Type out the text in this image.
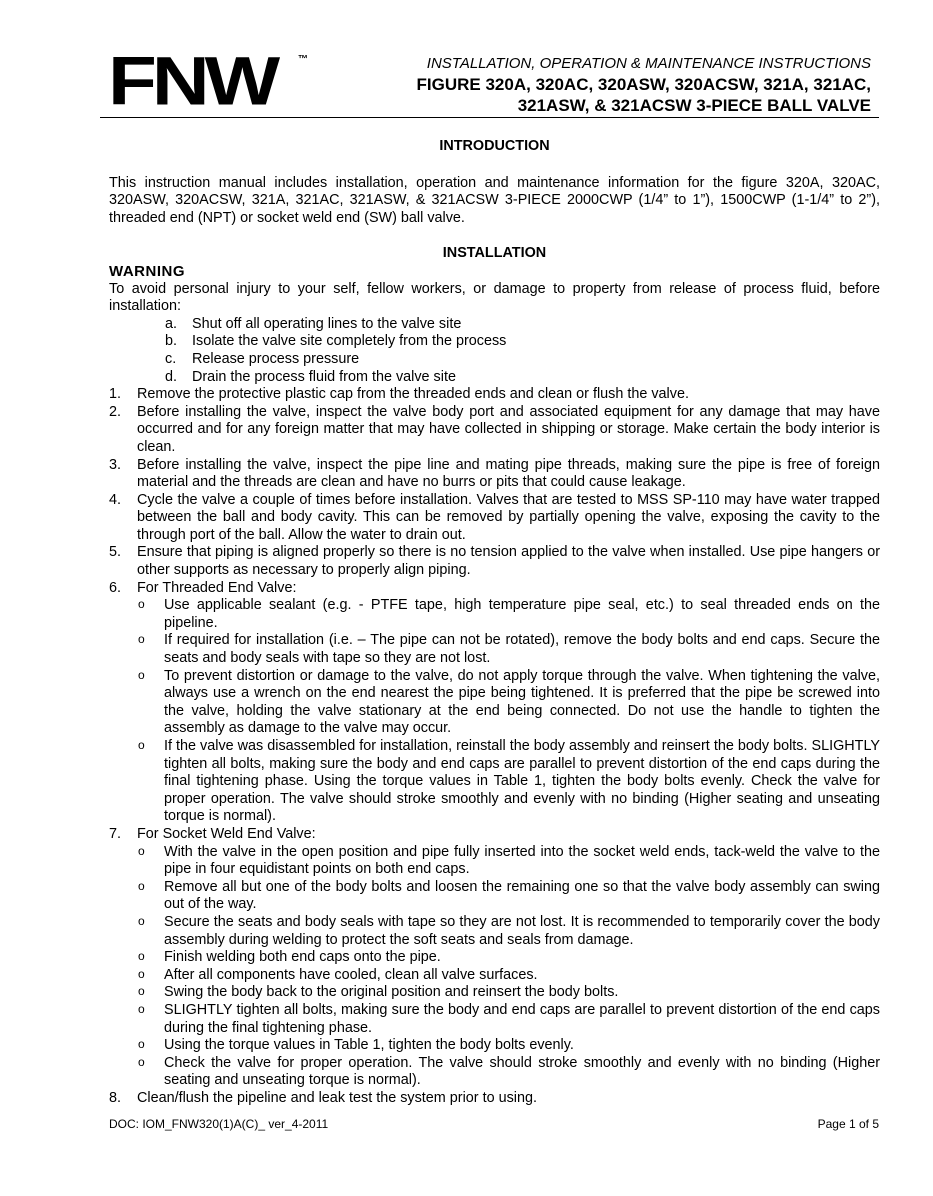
FNW ™	INSTALLATION, OPERATION & MAINTENANCE INSTRUCTIONS
FIGURE 320A, 320AC, 320ASW, 320ACSW, 321A, 321AC,
321ASW, & 321ACSW 3-PIECE BALL VALVE
INTRODUCTION

This instruction manual includes installation, operation and maintenance information for the figure 320A, 320AC, 320ASW, 320ACSW, 321A, 321AC, 321ASW, & 321ACSW 3-PIECE 2000CWP (1/4” to 1”), 1500CWP (1-1/4” to 2”), threaded end (NPT) or socket weld end (SW) ball valve.

INSTALLATION
WARNING

To avoid personal injury to your self, fellow workers, or damage to property from release of process fluid, before installation:

a.	Shut off all operating lines to the valve site
b.	Isolate the valve site completely from the process
c.	Release process pressure
d.	Drain the process fluid from the valve site
1. Remove the protective plastic cap from the threaded ends and clean or flush the valve.
2. Before installing the valve, inspect the valve body port and associated equipment for any damage that may have occurred and for any foreign matter that may have collected in shipping or storage. Make certain the body interior is clean.
3. Before installing the valve, inspect the pipe line and mating pipe threads, making sure the pipe is free of foreign material and the threads are clean and have no burrs or pits that could cause leakage.
4. Cycle the valve a couple of times before installation. Valves that are tested to MSS SP-110 may have water trapped between the ball and body cavity. This can be removed by partially opening the valve, exposing the cavity to the through port of the ball. Allow the water to drain out.
5. Ensure that piping is aligned properly so there is no tension applied to the valve when installed. Use pipe hangers or other supports as necessary to properly align piping.
6. For Threaded End Valve:
o Use applicable sealant (e.g. - PTFE tape, high temperature pipe seal, etc.) to seal threaded ends on the pipeline.
o If required for installation (i.e. – The pipe can not be rotated), remove the body bolts and end caps. Secure the seats and body seals with tape so they are not lost.
o To prevent distortion or damage to the valve, do not apply torque through the valve. When tightening the valve, always use a wrench on the end nearest the pipe being tightened. It is preferred that the pipe be screwed into the valve, holding the valve stationary at the end being connected. Do not use the handle to tighten the assembly as damage to the valve may occur.
o If the valve was disassembled for installation, reinstall the body assembly and reinsert the body bolts. SLIGHTLY tighten all bolts, making sure the body and end caps are parallel to prevent distortion of the end caps during the final tightening phase. Using the torque values in Table 1, tighten the body bolts evenly. Check the valve for proper operation. The valve should stroke smoothly and evenly with no binding (Higher seating and unseating torque is normal).
7. For Socket Weld End Valve:
o With the valve in the open position and pipe fully inserted into the socket weld ends, tack-weld the valve to the pipe in four equidistant points on both end caps.
o Remove all but one of the body bolts and loosen the remaining one so that the valve body assembly can swing out of the way.
o Secure the seats and body seals with tape so they are not lost. It is recommended to temporarily cover the body assembly during welding to protect the soft seats and seals from damage.
o Finish welding both end caps onto the pipe.
o After all components have cooled, clean all valve surfaces.
o Swing the body back to the original position and reinsert the body bolts.
o SLIGHTLY tighten all bolts, making sure the body and end caps are parallel to prevent distortion of the end caps during the final tightening phase.
o Using the torque values in Table 1, tighten the body bolts evenly.
o Check the valve for proper operation. The valve should stroke smoothly and evenly with no binding (Higher seating and unseating torque is normal).
8. Clean/flush the pipeline and leak test the system prior to using.
DOC: IOM_FNW320(1)A(C)_ ver_4-2011	Page 1 of 5
